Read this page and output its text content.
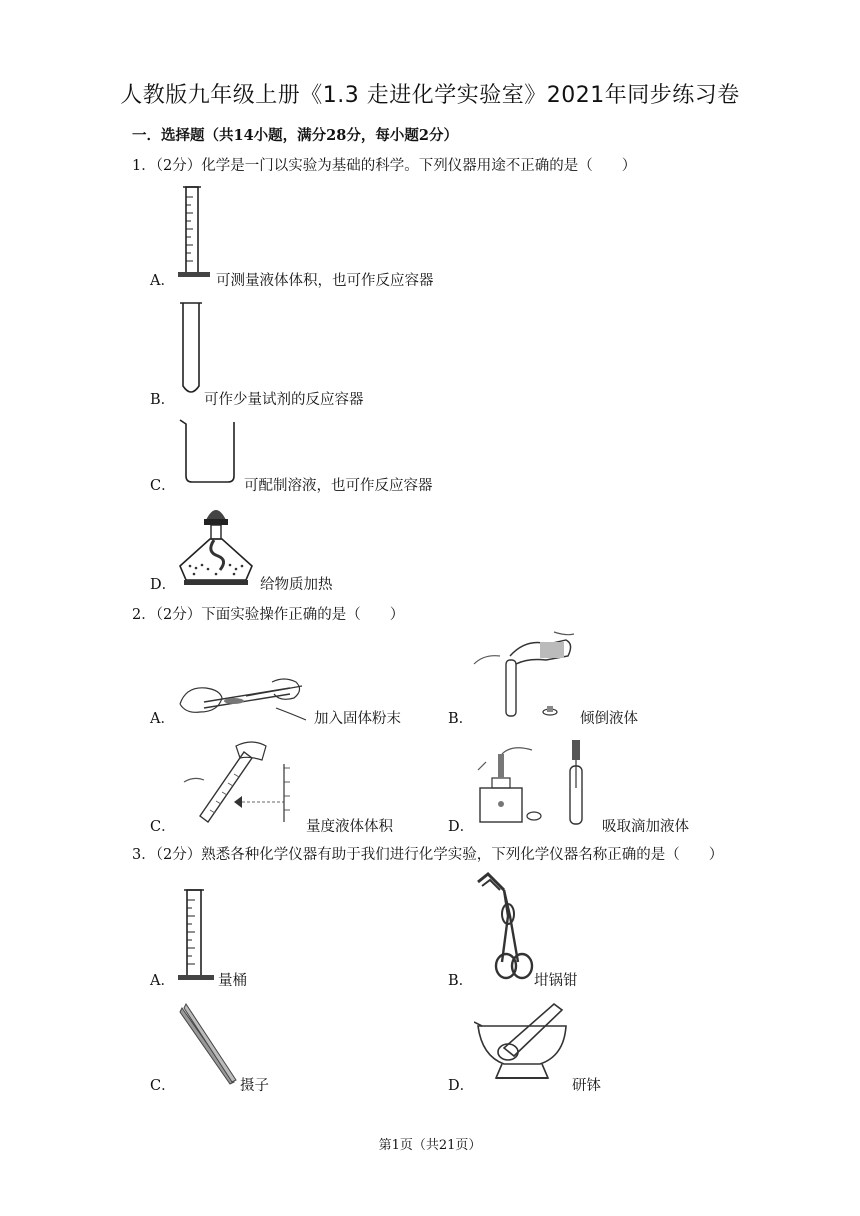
人教版九年级上册《1.3 走进化学实验室》2021年同步练习卷
一．选择题（共14小题，满分28分，每小题2分）
1．（2分）化学是一门以实验为基础的科学。下列仪器用途不正确的是（　　）
A．	可测量液体体积，也可作反应容器
B． 可作少量试剂的反应容器
C．	可配制溶液，也可作反应容器
D．	给物质加热
2．（2分）下面实验操作正确的是（　　）
A．	加入固体粉末	B．	倾倒液体
C．	量度液体体积	D．	吸取滴加液体
3．（2分）熟悉各种化学仪器有助于我们进行化学实验，下列化学仪器名称正确的是（　　）
A．	量桶	B．	坩锅钳
C．	摄子	D．	研钵
第1页（共21页）
